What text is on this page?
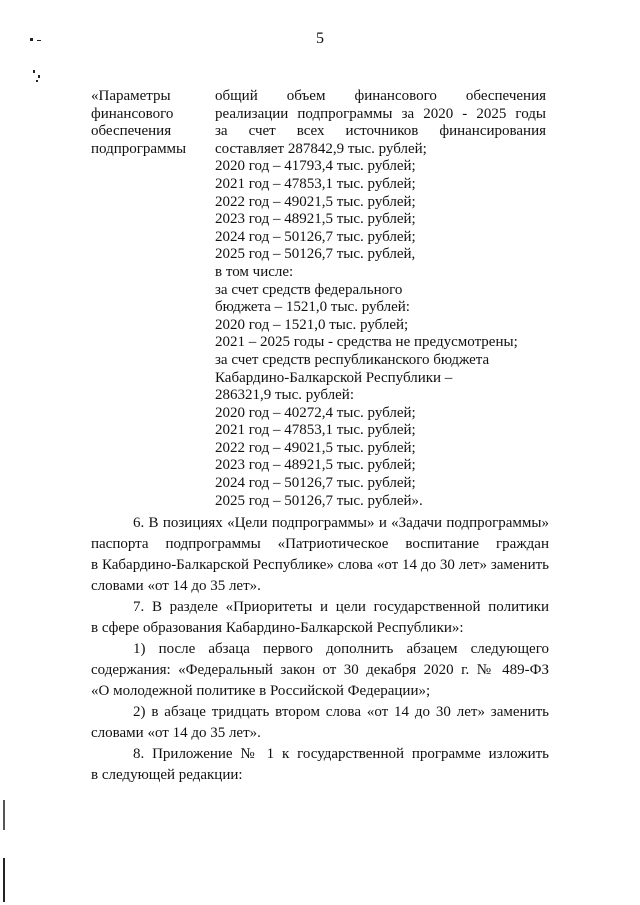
5
«Параметры
финансового
обеспечения
подпрограммы
общий объем финансового обеспечения
реализации подпрограммы за 2020 - 2025 годы
за счет всех источников финансирования
составляет 287842,9 тыс. рублей;
2020 год – 41793,4 тыс. рублей;
2021 год – 47853,1 тыс. рублей;
2022 год – 49021,5 тыс. рублей;
2023 год – 48921,5 тыс. рублей;
2024 год – 50126,7 тыс. рублей;
2025 год – 50126,7 тыс. рублей,
в том числе:
за счет средств федерального
бюджета – 1521,0 тыс. рублей:
2020 год – 1521,0 тыс. рублей;
2021 – 2025 годы - средства не предусмотрены;
за счет средств республиканского бюджета
Кабардино-Балкарской Республики –
286321,9 тыс. рублей:
2020 год – 40272,4 тыс. рублей;
2021 год – 47853,1 тыс. рублей;
2022 год – 49021,5 тыс. рублей;
2023 год – 48921,5 тыс. рублей;
2024 год – 50126,7 тыс. рублей;
2025 год – 50126,7 тыс. рублей».
6. В позициях «Цели подпрограммы» и «Задачи подпрограммы»
паспорта подпрограммы «Патриотическое воспитание граждан
в Кабардино-Балкарской Республике» слова «от 14 до 30 лет» заменить
словами «от 14 до 35 лет».
7. В разделе «Приоритеты и цели государственной политики
в сфере образования Кабардино-Балкарской Республики»:
1) после абзаца первого дополнить абзацем следующего
содержания: «Федеральный закон от 30 декабря 2020 г. № 489-ФЗ
«О молодежной политике в Российской Федерации»;
2) в абзаце тридцать втором слова «от 14 до 30 лет» заменить
словами «от 14 до 35 лет».
8. Приложение № 1 к государственной программе изложить
в следующей редакции:
